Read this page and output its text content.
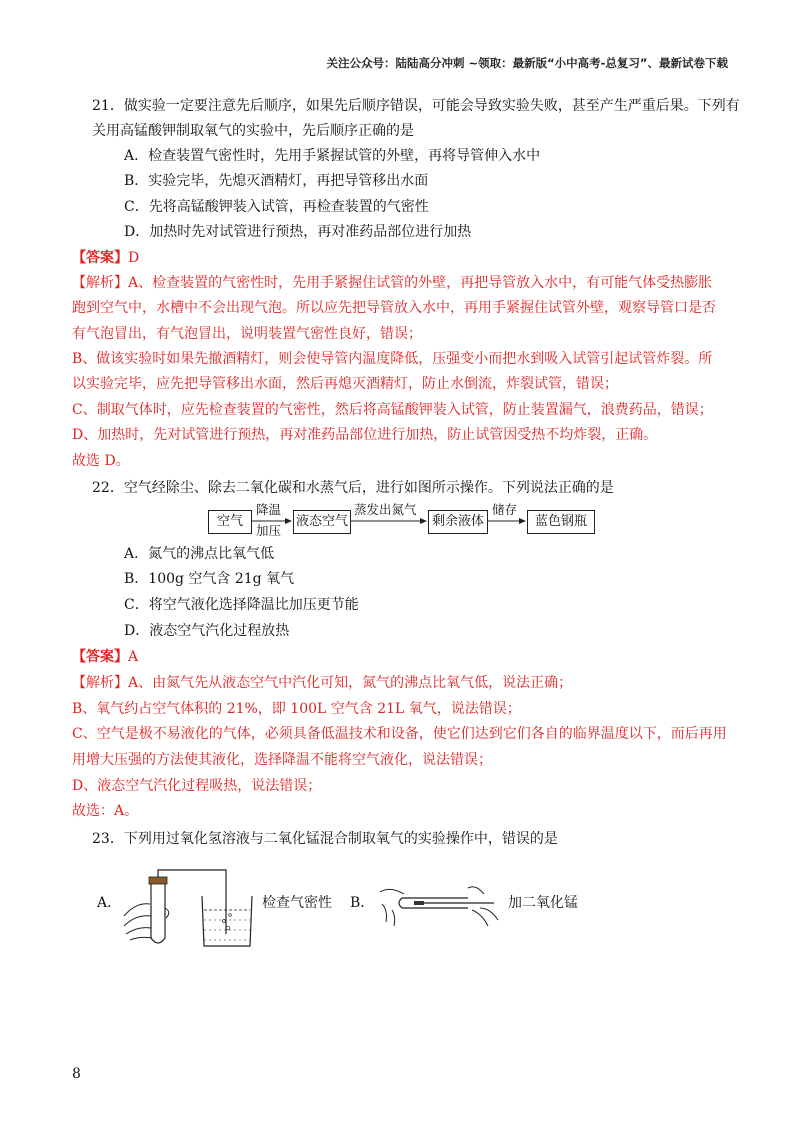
关注公众号：陆陆高分冲刺 ~领取：最新版“小中高考-总复习”、最新试卷下载
21．做实验一定要注意先后顺序，如果先后顺序错误，可能会导致实验失败，甚至产生严重后果。下列有
关用高锰酸钾制取氧气的实验中，先后顺序正确的是
A．检查装置气密性时，先用手紧握试管的外壁，再将导管伸入水中
B．实验完毕，先熄灭酒精灯，再把导管移出水面
C．先将高锰酸钾装入试管，再检查装置的气密性
D．加热时先对试管进行预热，再对准药品部位进行加热
【答案】D
【解析】A、检查装置的气密性时，先用手紧握住试管的外壁，再把导管放入水中，有可能气体受热膨胀
跑到空气中，水槽中不会出现气泡。所以应先把导管放入水中，再用手紧握住试管外壁，观察导管口是否
有气泡冒出，有气泡冒出，说明装置气密性良好，错误；
B、做该实验时如果先撤酒精灯，则会使导管内温度降低，压强变小而把水到吸入试管引起试管炸裂。所
以实验完毕，应先把导管移出水面，然后再熄灭酒精灯，防止水倒流，炸裂试管，错误；
C、制取气体时，应先检查装置的气密性，然后将高锰酸钾装入试管，防止装置漏气，浪费药品，错误；
D、加热时，先对试管进行预热，再对准药品部位进行加热，防止试管因受热不均炸裂，正确。
故选 D。
22．空气经除尘、除去二氧化碳和水蒸气后，进行如图所示操作。下列说法正确的是
空气
降温
加压
液态空气
蒸发出氮气
剩余液体
储存
蓝色钢瓶
A．氮气的沸点比氧气低
B．100g 空气含 21g 氧气
C．将空气液化选择降温比加压更节能
D．液态空气汽化过程放热
【答案】A
【解析】A、由氮气先从液态空气中汽化可知，氮气的沸点比氧气低，说法正确；
B、氧气约占空气体积的 21%，即 100L 空气含 21L 氧气，说法错误；
C、空气是极不易液化的气体，必须具备低温技术和设备，使它们达到它们各自的临界温度以下，而后再用
用增大压强的方法使其液化，选择降温不能将空气液化，说法错误；
D、液态空气汽化过程吸热，说法错误；
故选：A。
23．下列用过氧化氢溶液与二氧化锰混合制取氧气的实验操作中，错误的是
A．	检查气密性 B．	加二氧化锰
8
